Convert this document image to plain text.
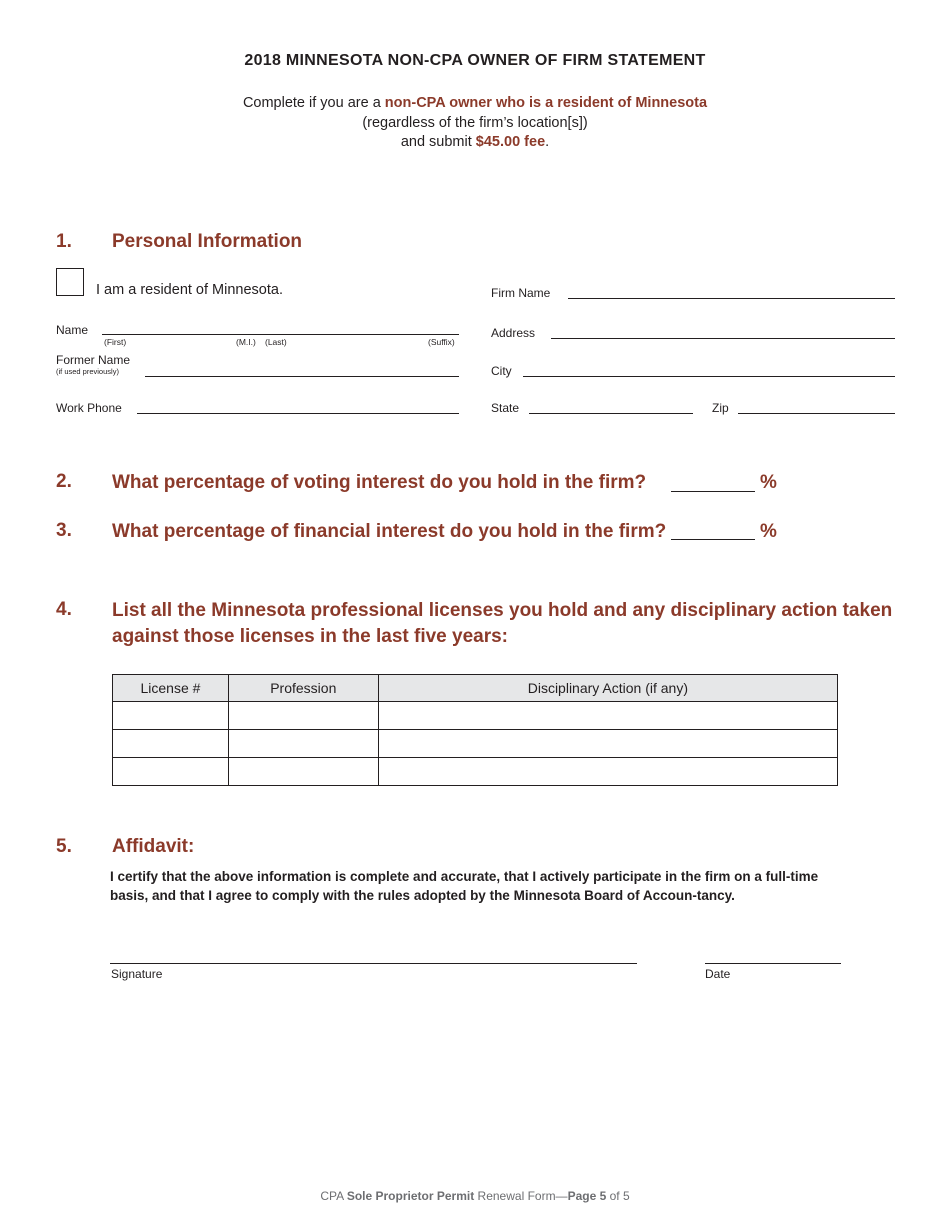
2018 MINNESOTA NON-CPA OWNER OF FIRM STATEMENT
Complete if you are a non-CPA owner who is a resident of Minnesota
(regardless of the firm’s location[s])
and submit $45.00 fee.
1. Personal Information
I am a resident of Minnesota.
Name
(First)	(M.I.) (Last)	(Suffix)
Former Name
(if used previously)
Work Phone
Firm Name
Address
City
State	Zip
2. What percentage of voting interest do you hold in the firm?	%
3. What percentage of financial interest do you hold in the firm?	%
4. List all the Minnesota professional licenses you hold and any disciplinary action taken
against those licenses in the last five years:
License #	Profession	Disciplinary Action (if any)

5. Affidavit:
I certify that the above information is complete and accurate, that I actively participate in the firm on a full-time basis, and that I agree to comply with the rules adopted by the Minnesota Board of Accoun-tancy.
Signature	Date
CPA Sole Proprietor Permit Renewal Form—Page 5 of 5
